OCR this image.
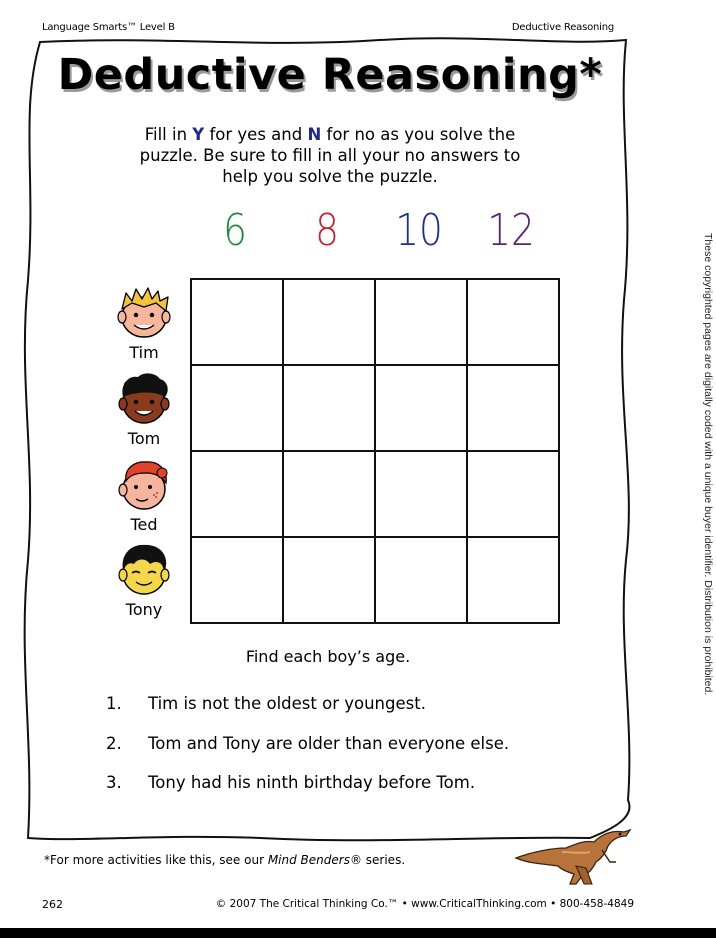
Language Smarts™ Level B	Deductive Reasoning
Deductive Reasoning*
Fill in Y for yes and N for no as you solve the puzzle. Be sure to fill in all your no answers to help you solve the puzzle.
6	8	10 12

Tim
Tom
Ted
Tony
Find each boy’s age.
1. Tim is not the oldest or youngest.
2. Tom and Tony are older than everyone else.
3. Tony had his ninth birthday before Tom.
*For more activities like this, see our Mind Benders® series.
262	© 2007 The Critical Thinking Co.™ • www.CriticalThinking.com • 800-458-4849
These copyrighted pages are digitally coded with a unique buyer identifier. Distribution is prohibited.
